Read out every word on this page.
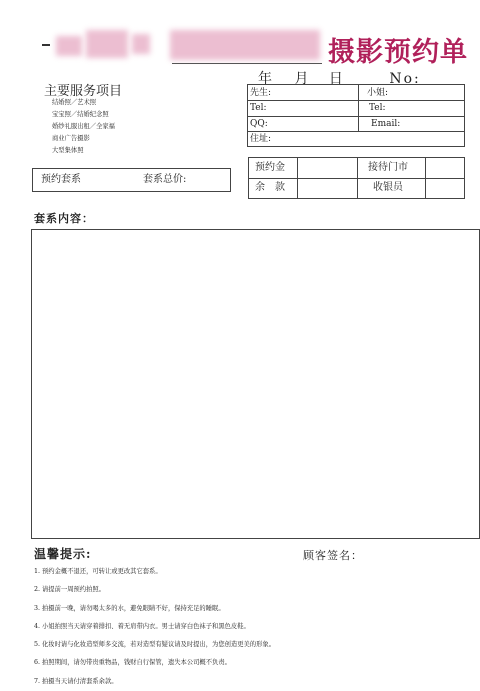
摄影预约单
年 月 日	No:
主要服务项目
结婚照／艺术照
宝宝照／结婚纪念照
婚纱礼服出租／全家福
商业广告摄影
大型集体照
先生:	小姐:
Tel:	Tel:
QQ:	Email:
住址:
预约套系	套系总价:
预约金	接待门市
余　款	收银员
套系内容：
温馨提示:	顾客签名：
1. 预约金概不退还，可转让或更改其它套系。
2. 请提前一周预约拍照。
3. 拍摄前一晚，请勿喝太多的水，避免眼睛不好，保持充足的睡眠。
4. 小姐拍照当天请穿着排扣、着无肩带内衣。男士请穿白色袜子和黑色皮鞋。
5. 化妆时请与化妆造型师多交流，若对造型有疑议请及时提出，为您创造更美的形象。
6. 拍照期间，请勿带贵重物品，钱财自行保管，遗失本公司概不负责。
7. 拍摄当天请付清套系余款。
